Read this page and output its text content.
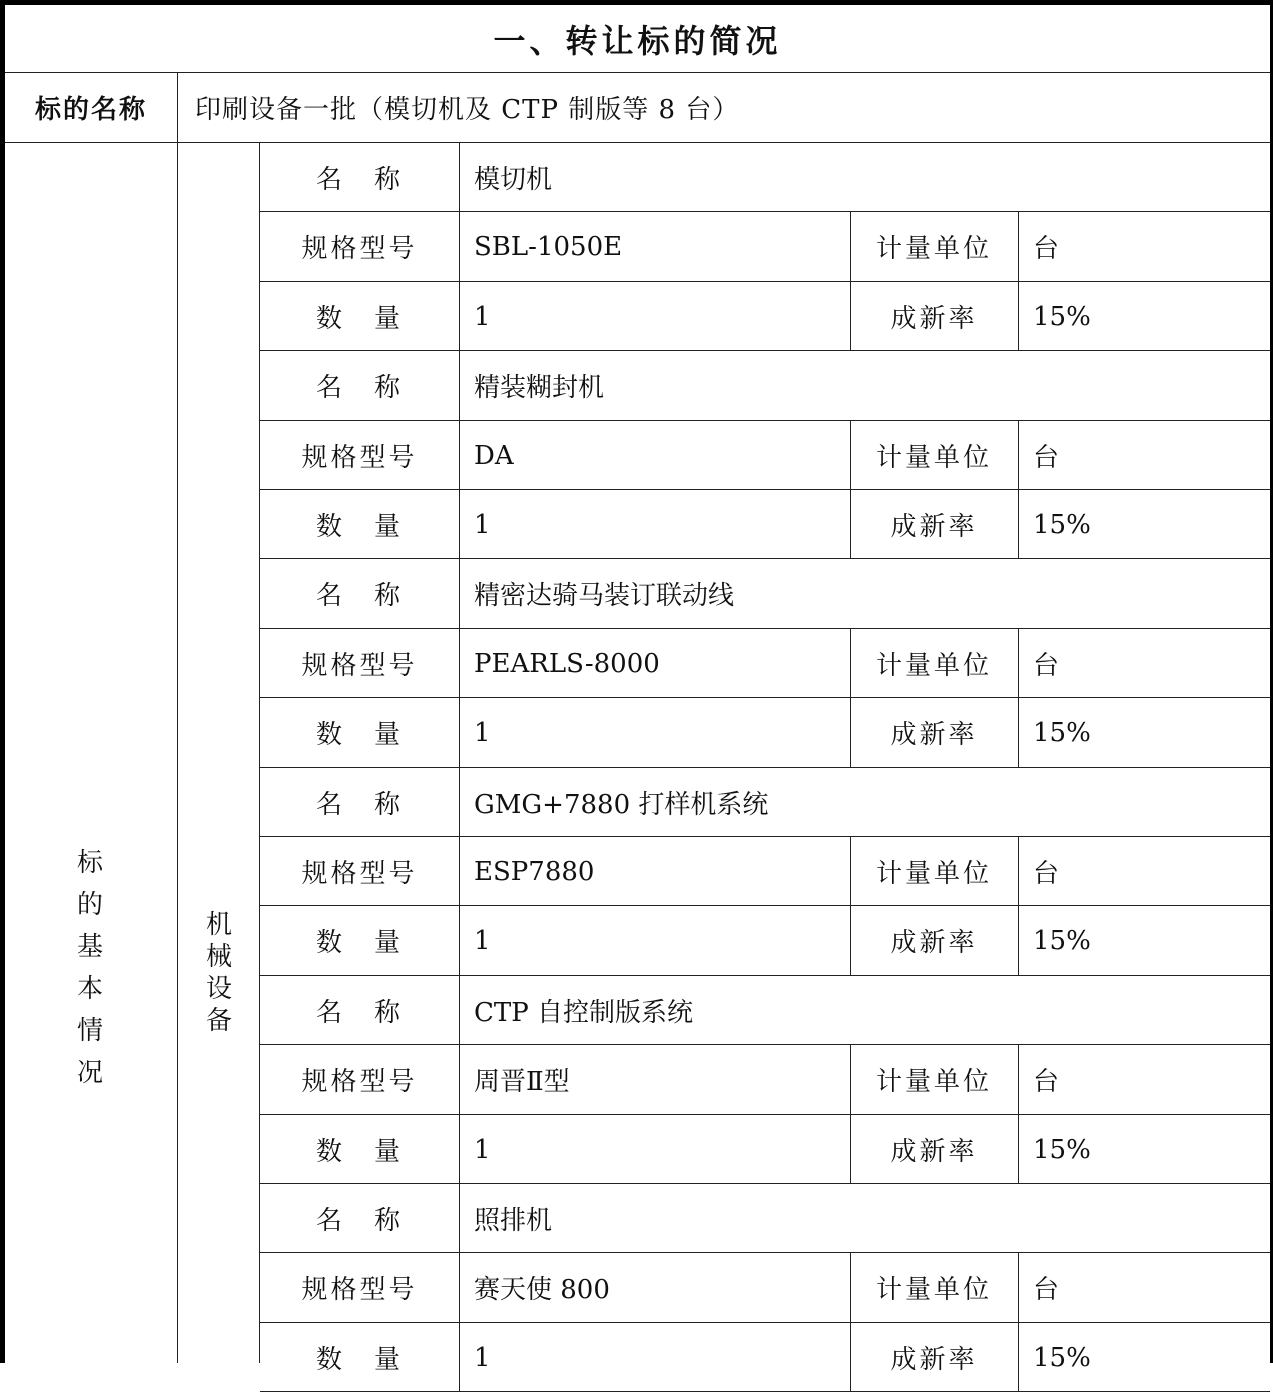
一、转让标的简况
标的名称	印刷设备一批（模切机及 CTP 制版等 8 台）
标
的
基
本
情
况
机
械
设
备
名　称	模切机
规格型号	SBL-1050E	计量单位	台
数　量	1	成新率	15%
名　称	精装糊封机
规格型号	DA	计量单位	台
数　量	1	成新率	15%
名　称	精密达骑马装订联动线
规格型号	PEARLS-8000	计量单位	台
数　量	1	成新率	15%
名　称	GMG+7880 打样机系统
规格型号	ESP7880	计量单位	台
数　量	1	成新率	15%
名　称	CTP 自控制版系统
规格型号	周晋Ⅱ型	计量单位	台
数　量	1	成新率	15%
名　称	照排机
规格型号	赛天使 800	计量单位	台
数　量	1	成新率	15%
